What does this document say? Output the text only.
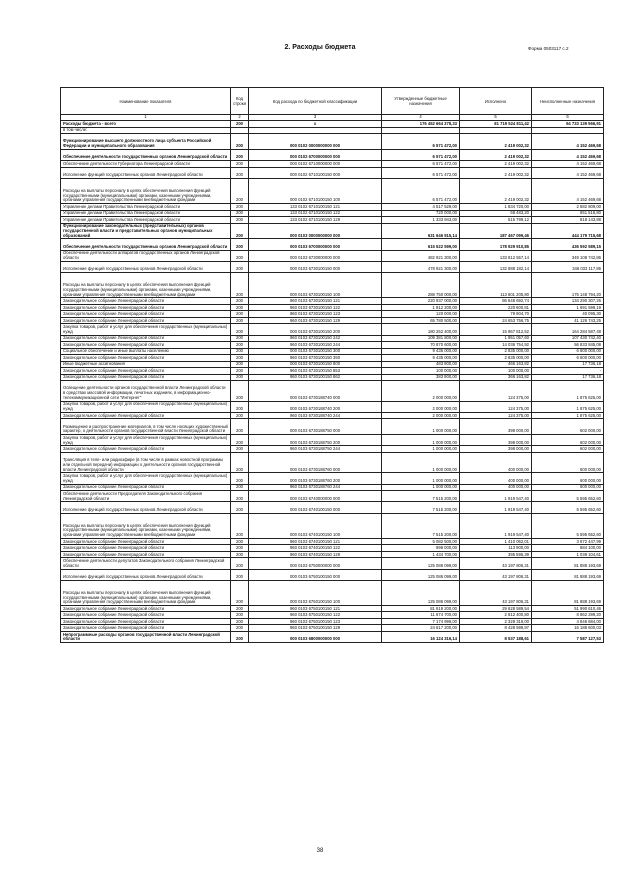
2. Расходы бюджета	Форма 0503117 с.2
Наименование показателя	Код строки	Код расхода по бюджетной классификации	Утвержденные бюджетные назначения	Исполнено	Неисполненные назначения
1	2	3	4	5	6
Расходы бюджета - всего	200	x	176 452 664 378,33	81 719 524 811,42	94 733 139 566,91
в том числе:					
Функционирование высшего должностного лица субъекта Российской Федерации и муниципального образования	200	000 0102 0000000000 000	6 571 472,00	2 419 002,32	4 152 469,68
Обеспечение деятельности государственных органов Ленинградской области	200	000 0102 6700000000 000	6 571 472,00	2 419 002,32	4 152 469,68
Обеспечение деятельности Губернатора Ленинградской области	200	000 0102 6710000000 000	6 571 472,00	2 419 002,32	4 152 469,68
Исполнение функций государственных органов Ленинградской области	200	000 0102 6710100150 000	6 571 472,00	2 419 002,32	4 152 469,68
Расходы на выплаты персоналу в целях обеспечения выполнения функций государственными (муниципальными) органами, казенными учреждениями, органами управления государственными внебюджетными фондами	200	000 0102 6710100150 100	6 571 472,00	2 419 002,32	4 152 469,68
Управление делами Правительства Ленинградской области	200	133 0102 6710100150 121	4 517 529,00	1 834 720,00	2 682 809,00
Управление делами Правительства Ленинградской области	200	133 0102 6710100150 122	720 000,00	68 483,20	651 516,80
Управление делами Правительства Ленинградской области	200	133 0102 6710100150 129	1 333 943,00	515 799,12	818 143,88
Функционирование законодательных (представительных) органов государственной власти и представительных органов муниципальных образований	200	000 0103 0000000000 000	631 646 915,14	187 467 099,46	444 179 715,68
Обеспечение деятельности государственных органов Ленинградской области	200	000 0103 6700000000 000	615 522 599,00	178 929 910,85	436 592 589,15
Обеспечение деятельности аппаратов государственных органов Ленинградской области	200	000 0103 6730000000 000	482 921 300,00	133 812 557,14	349 108 742,86
Исполнение функций государственных органов Ленинградской области	200	000 0103 6730100150 000	478 921 300,00	132 888 182,14	346 033 117,86
Расходы на выплаты персоналу в целях обеспечения выполнения функций государственными (муниципальными) органами, казенными учреждениями, органами управления государственными внебюджетными фондами	200	000 0103 6730100150 100	288 750 000,00	113 601 205,80	175 148 794,20
Законодательное собрание Ленинградской области	200	960 0103 6730100150 121	220 937 000,00	86 646 692,74	134 290 307,26
Законодательное собрание Ленинградской области	200	960 0103 6730100150 122	1 912 200,00	220 600,81	1 691 599,19
Законодательное собрание Ленинградской области	200	960 0103 6730100150 123	120 000,00	79 904,70	40 095,30
Законодательное собрание Ленинградской области	200	960 0103 6730100150 129	65 780 500,00	24 653 756,75	41 126 743,25
Закупка товаров, работ и услуг для обеспечения государственных (муниципальных) нужд	200	000 0103 6730100150 200	180 252 400,00	15 967 812,52	164 284 587,48
Законодательное собрание Ленинградской области	200	960 0103 6730100150 242	109 381 800,00	1 951 057,60	107 430 742,40
Законодательное собрание Ленинградской области	200	960 0103 6730100150 244	70 870 600,00	14 036 754,92	56 833 845,08
Социальное обеспечение и иные выплаты населению	200	000 0103 6730100150 300	9 435 000,00	2 835 000,00	6 600 000,00
Законодательное собрание Ленинградской области	200	960 0103 6730100150 350	9 435 000,00	2 835 000,00	6 600 000,00
Иные бюджетные ассигнования	200	000 0103 6730100150 800	483 900,00	466 163,82	17 736,18
Законодательное собрание Ленинградской области	200	960 0103 6730100150 853	100 000,00	100 000,00	-
Законодательное собрание Ленинградской области	200	960 0103 6730100150 862	383 900,00	366 163,82	17 736,18
Освещение деятельности органов государственной власти Ленинградской области в средствах массовой информации, печатных изданиях, в информационно-телекоммуникационной сети "Интернет"	200	000 0103 6730188740 000	2 000 000,00	124 375,00	1 875 625,00
Закупка товаров, работ и услуг для обеспечения государственных (муниципальных) нужд	200	000 0103 6730188740 200	2 000 000,00	124 375,00	1 875 625,00
Законодательное собрание Ленинградской области	200	960 0103 6730188740 244	2 000 000,00	124 375,00	1 875 625,00
Размещение и распространение материалов, в том числе носящих художественный характер, о деятельности органов государственной власти Ленинградской области	200	000 0103 6730188750 000	1 000 000,00	398 000,00	602 000,00
Закупка товаров, работ и услуг для обеспечения государственных (муниципальных) нужд	200	000 0103 6730188750 200	1 000 000,00	398 000,00	602 000,00
Законодательное собрание Ленинградской области	200	960 0103 6730188750 244	1 000 000,00	398 000,00	602 000,00
Трансляция в теле- или радиоэфире (в том числе в рамках новостной программы или отдельной передачи) информации о деятельности органов государственной власти Ленинградской области	200	000 0103 6730188760 000	1 000 000,00	400 000,00	600 000,00
Закупка товаров, работ и услуг для обеспечения государственных (муниципальных) нужд	200	000 0103 6730188760 200	1 000 000,00	400 000,00	600 000,00
Законодательное собрание Ленинградской области	200	960 0103 6730188760 244	1 000 000,00	400 000,00	600 000,00
Обеспечение деятельности Председателя Законодательного собрания Ленинградской области	200	000 0103 6740000000 000	7 515 200,00	1 919 547,40	5 595 652,60
Исполнение функций государственных органов Ленинградской области	200	000 0103 6740100150 000	7 515 200,00	1 919 547,40	5 595 652,60
Расходы на выплаты персоналу в целях обеспечения выполнения функций государственными (муниципальными) органами, казенными учреждениями, органами управления государственными внебюджетными фондами	200	000 0103 6740100150 100	7 515 200,00	1 919 547,40	5 595 652,60
Законодательное собрание Ленинградской области	200	960 0103 6740100150 121	5 082 500,00	1 410 052,01	3 672 447,99
Законодательное собрание Ленинградской области	200	960 0103 6740100150 122	998 000,00	113 900,00	884 100,00
Законодательное собрание Ленинградской области	200	960 0103 6740100150 129	1 434 700,00	395 595,39	1 039 104,61
Обеспечение деятельности депутатов Законодательного собрания Ленинградской области	200	000 0103 6750000000 000	125 086 099,00	43 197 806,31	81 888 193,69
Исполнение функций государственных органов Ленинградской области	200	000 0103 6750100150 000	125 086 099,00	43 197 806,31	81 888 193,69
Расходы на выплаты персоналу в целях обеспечения выполнения функций государственными (муниципальными) органами, казенными учреждениями, органами управления государственными внебюджетными фондами	200	000 0103 6750100150 100	125 086 099,00	43 197 806,31	81 888 193,69
Законодательное собрание Ленинградской области	200	960 0103 6750100150 121	81 619 200,00	29 628 589,54	51 990 610,46
Законодательное собрание Ленинградской области	200	960 0103 6750100150 122	11 674 700,00	2 812 400,80	8 862 299,20
Законодательное собрание Ленинградской области	200	960 0103 6750100150 123	7 174 999,00	2 328 316,00	4 846 684,00
Законодательное собрание Ленинградской области	200	960 0103 6750100150 129	24 617 200,00	8 428 599,97	16 188 600,03
Непрограммные расходы органов государственной власти Ленинградской области	200	000 0103 6800000000 000	16 124 316,14	8 537 188,61	7 587 127,53
38
